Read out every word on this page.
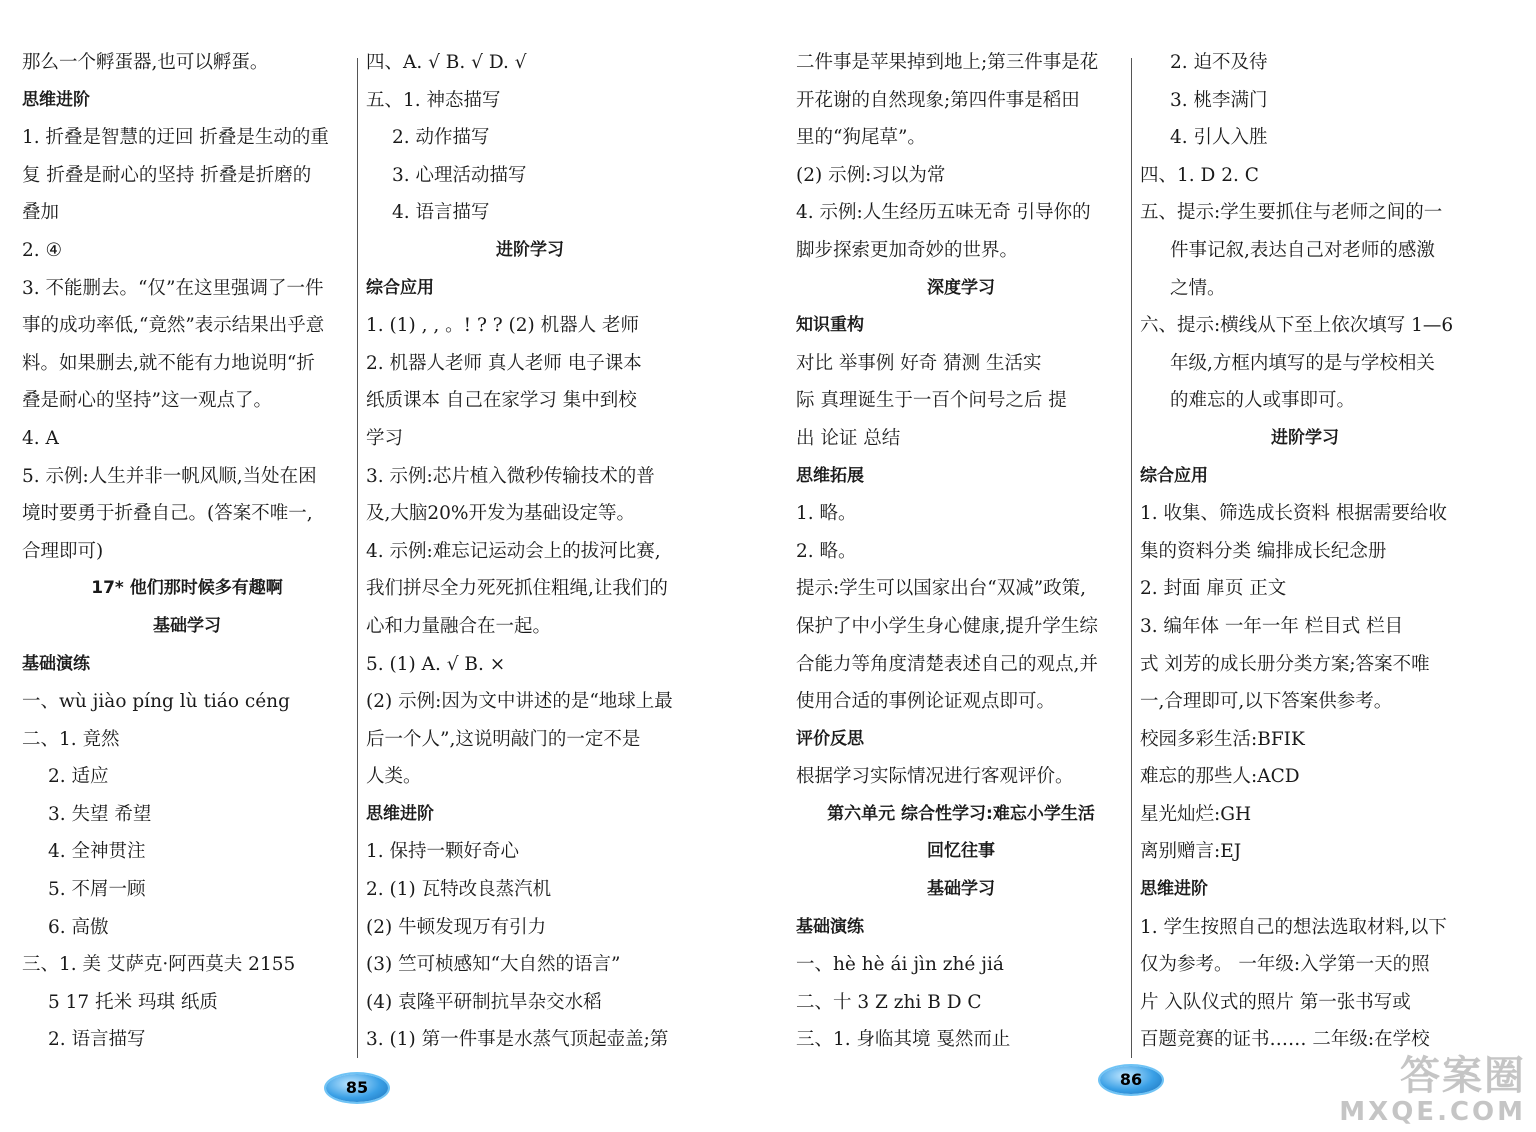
那么一个孵蛋器,也可以孵蛋。
思维进阶
1. 折叠是智慧的迂回 折叠是生动的重
复 折叠是耐心的坚持 折叠是折磨的
叠加
2. ④
3. 不能删去。“仅”在这里强调了一件
事的成功率低,“竟然”表示结果出乎意
料。如果删去,就不能有力地说明“折
叠是耐心的坚持”这一观点了。
4. A
5. 示例:人生并非一帆风顺,当处在困
境时要勇于折叠自己。(答案不唯一,
合理即可)
17* 他们那时候多有趣啊
基础学习
基础演练
一、wù jiào píng lù tiáo céng
二、1. 竟然
2. 适应
3. 失望 希望
4. 全神贯注
5. 不屑一顾
6. 高傲
三、1. 美 艾萨克·阿西莫夫 2155
5 17 托米 玛琪 纸质
2. 语言描写
四、A. √ B. √ D. √
五、1. 神态描写
2. 动作描写
3. 心理活动描写
4. 语言描写
进阶学习
综合应用
1. (1) , , 。! ? ? (2) 机器人 老师
2. 机器人老师 真人老师 电子课本
纸质课本 自己在家学习 集中到校
学习
3. 示例:芯片植入微秒传输技术的普
及,大脑20%开发为基础设定等。
4. 示例:难忘记运动会上的拔河比赛,
我们拼尽全力死死抓住粗绳,让我们的
心和力量融合在一起。
5. (1) A. √ B. ×
(2) 示例:因为文中讲述的是“地球上最
后一个人”,这说明敲门的一定不是
人类。
思维进阶
1. 保持一颗好奇心
2. (1) 瓦特改良蒸汽机
(2) 牛顿发现万有引力
(3) 竺可桢感知“大自然的语言”
(4) 袁隆平研制抗旱杂交水稻
3. (1) 第一件事是水蒸气顶起壶盖;第
二件事是苹果掉到地上;第三件事是花
开花谢的自然现象;第四件事是稻田
里的“狗尾草”。
(2) 示例:习以为常
4. 示例:人生经历五味无奇 引导你的
脚步探索更加奇妙的世界。
深度学习
知识重构
对比 举事例 好奇 猜测 生活实
际 真理诞生于一百个问号之后 提
出 论证 总结
思维拓展
1. 略。
2. 略。
提示:学生可以国家出台“双减”政策,
保护了中小学生身心健康,提升学生综
合能力等角度清楚表述自己的观点,并
使用合适的事例论证观点即可。
评价反思
根据学习实际情况进行客观评价。
第六单元 综合性学习:难忘小学生活
回忆往事
基础学习
基础演练
一、hè hè ái jìn zhé jiá
二、十 3 Z zhi B D C
三、1. 身临其境 戛然而止
2. 迫不及待
3. 桃李满门
4. 引人入胜
四、1. D 2. C
五、提示:学生要抓住与老师之间的一
件事记叙,表达自己对老师的感激
之情。
六、提示:横线从下至上依次填写 1—6
年级,方框内填写的是与学校相关
的难忘的人或事即可。
进阶学习
综合应用
1. 收集、筛选成长资料 根据需要给收
集的资料分类 编排成长纪念册
2. 封面 扉页 正文
3. 编年体 一年一年 栏目式 栏目
式 刘芳的成长册分类方案;答案不唯
一,合理即可,以下答案供参考。
校园多彩生活:BFIK
难忘的那些人:ACD
星光灿烂:GH
离别赠言:EJ
思维进阶
1. 学生按照自己的想法选取材料,以下
仅为参考。 一年级:入学第一天的照
片 入队仪式的照片 第一张书写或
百题竞赛的证书…… 二年级:在学校
85	86	答案圈
MXQE.COM
